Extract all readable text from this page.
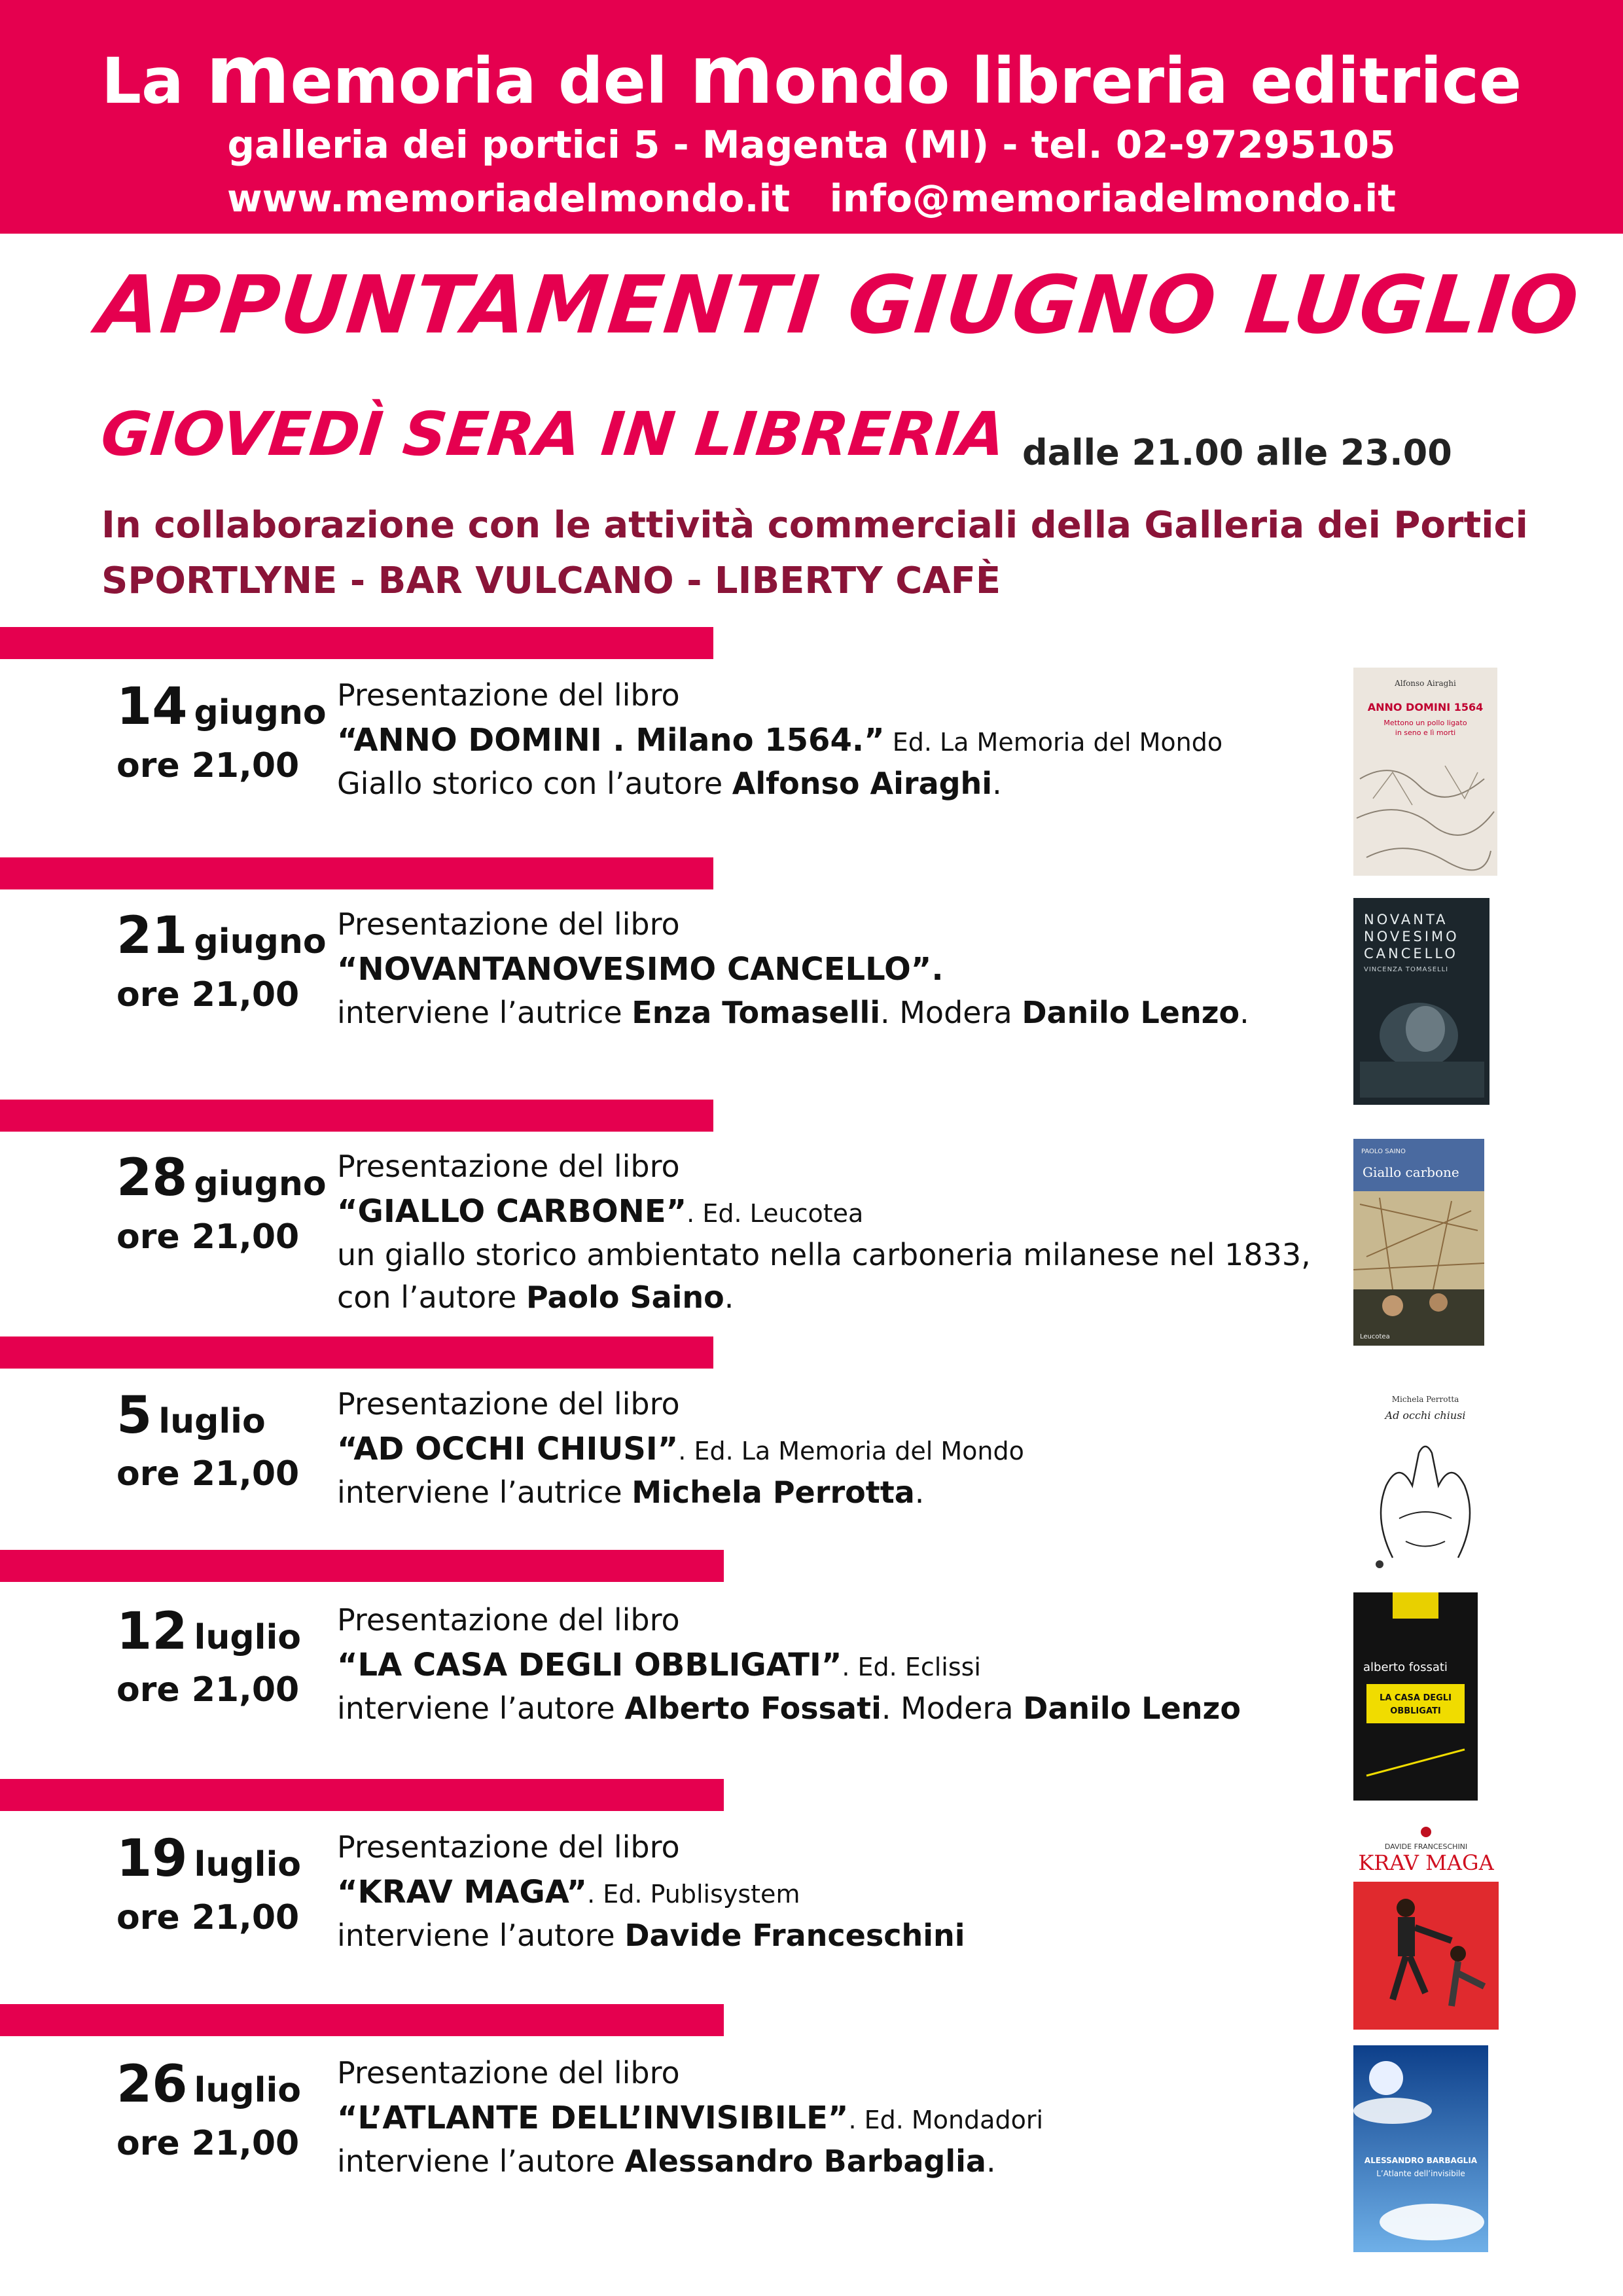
La memoria del mondo libreria editrice
galleria dei portici 5 - Magenta (MI) - tel. 02-97295105
www.memoriadelmondo.it   info@memoriadelmondo.it
APPUNTAMENTI GIUGNO LUGLIO
GIOVEDÌ SERA IN LIBRERIA dalle 21.00 alle 23.00
In collaborazione con le attività commerciali della Galleria dei Portici
SPORTLYNE - BAR VULCANO - LIBERTY CAFÈ
14 giugno
ore 21,00
Presentazione del libro
“ANNO DOMINI . Milano 1564.” Ed. La Memoria del Mondo
Giallo storico con l’autore Alfonso Airaghi.
Alfonso Airaghi
ANNO DOMINI 1564
Mettono un pollo ligato
in seno e lì morti
21 giugno
ore 21,00
Presentazione del libro
“NOVANTANOVESIMO CANCELLO”.
interviene l’autrice Enza Tomaselli. Modera Danilo Lenzo.
NOVANTA
NOVESIMO
CANCELLO
VINCENZA TOMASELLI
28 giugno
ore 21,00
Presentazione del libro
“GIALLO CARBONE”. Ed. Leucotea
un giallo storico ambientato nella carboneria milanese nel 1833,
con l’autore Paolo Saino.
PAOLO SAINO
Giallo carbone
Leucotea
5 luglio
ore 21,00
Presentazione del libro
“AD OCCHI CHIUSI”. Ed. La Memoria del Mondo
interviene l’autrice Michela Perrotta.
Michela Perrotta
Ad occhi chiusi
12 luglio
ore 21,00
Presentazione del libro
“LA CASA DEGLI OBBLIGATI”. Ed. Eclissi
interviene l’autore Alberto Fossati. Modera Danilo Lenzo
alberto fossati
LA CASA DEGLI
OBBLIGATI
19 luglio
ore 21,00
Presentazione del libro
“KRAV MAGA”. Ed. Publisystem
interviene l’autore Davide Franceschini
DAVIDE FRANCESCHINI
KRAV MAGA
26 luglio
ore 21,00
Presentazione del libro
“L’ATLANTE DELL’INVISIBILE”. Ed. Mondadori
interviene l’autore Alessandro Barbaglia.	ALESSANDRO BARBAGLIA
L’Atlante dell’invisibile
